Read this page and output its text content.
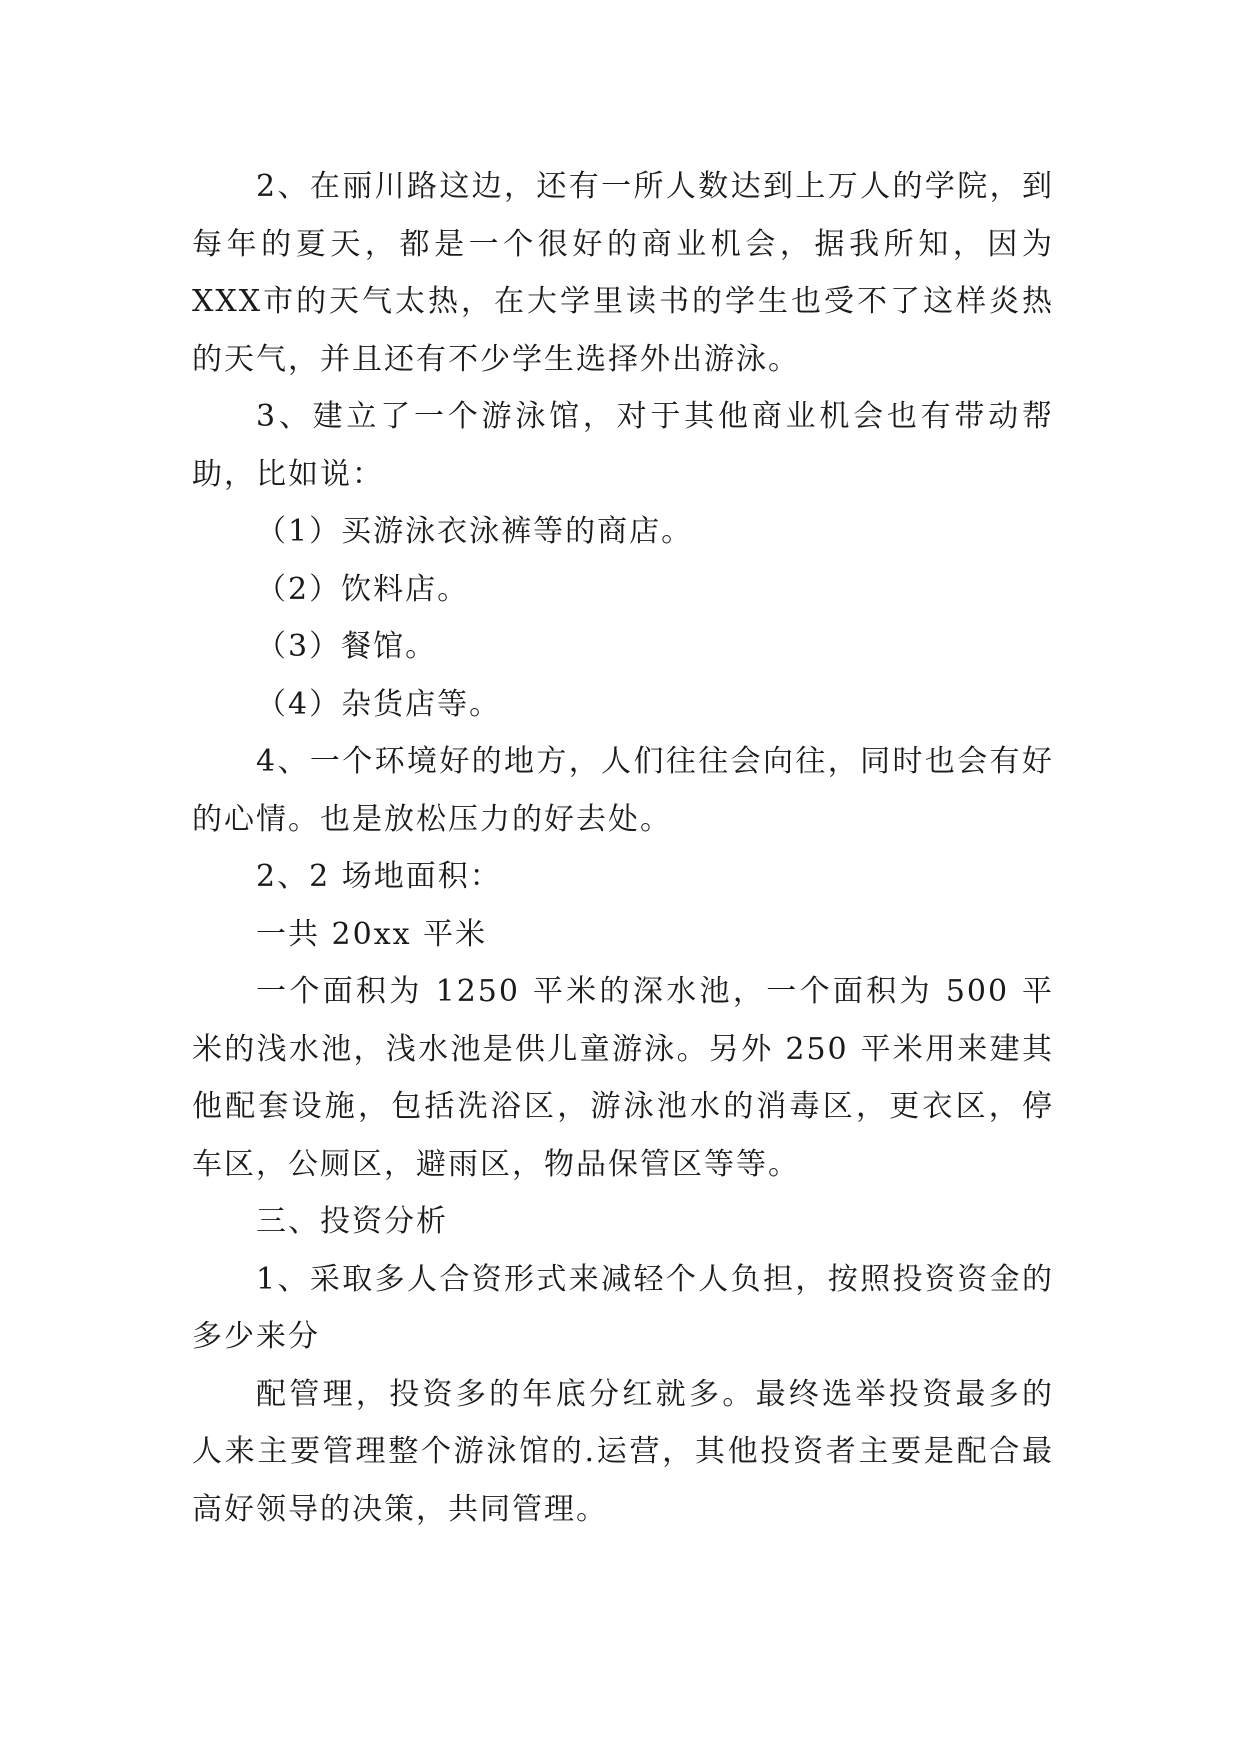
2、在丽川路这边，还有一所人数达到上万人的学院，到每年的夏天，都是一个很好的商业机会，据我所知，因为XXX市的天气太热，在大学里读书的学生也受不了这样炎热的天气，并且还有不少学生选择外出游泳。

3、建立了一个游泳馆，对于其他商业机会也有带动帮助，比如说：

（1）买游泳衣泳裤等的商店。

（2）饮料店。

（3）餐馆。

（4）杂货店等。

4、一个环境好的地方，人们往往会向往，同时也会有好的心情。也是放松压力的好去处。

2、2 场地面积：

一共 20xx 平米

一个面积为 1250 平米的深水池，一个面积为 500 平米的浅水池，浅水池是供儿童游泳。另外 250 平米用来建其他配套设施，包括洗浴区，游泳池水的消毒区，更衣区，停车区，公厕区，避雨区，物品保管区等等。

三、投资分析

1、采取多人合资形式来减轻个人负担，按照投资资金的多少来分

配管理，投资多的年底分红就多。最终选举投资最多的人来主要管理整个游泳馆的.运营，其他投资者主要是配合最高好领导的决策，共同管理。
